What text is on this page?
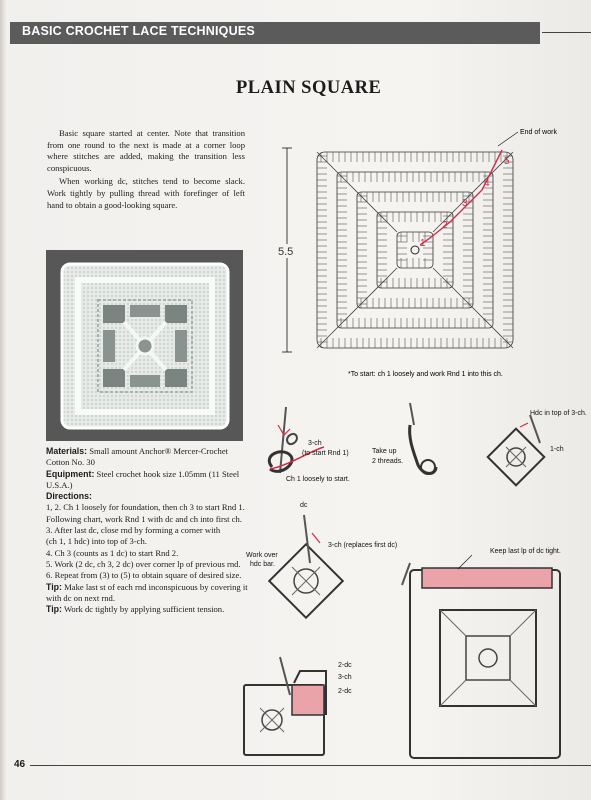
BASIC CROCHET LACE TECHNIQUES
PLAIN SQUARE

Basic square started at center. Note that transition from one round to the next is made at a corner loop where stitches are added, making the transition less conspicuous.

When working dc, stitches tend to become slack. Work tightly by pulling thread with forefinger of left hand to obtain a good-looking square.

Materials: Small amount Anchor® Mercer-Crochet Cotton No. 30

Equipment: Steel crochet hook size 1.05mm (11 Steel U.S.A.)

Directions:

1, 2. Ch 1 loosely for foundation, then ch 3 to start Rnd 1.

Following chart, work Rnd 1 with dc and ch into first ch.

3. After last dc, close rnd by forming a corner with

(ch 1, 1 hdc) into top of 3-ch.

4. Ch 3 (counts as 1 dc) to start Rnd 2.

5. Work (2 dc, ch 3, 2 dc) over corner lp of previous rnd.

6. Repeat from (3) to (5) to obtain square of desired size.

Tip: Make last st of each rnd inconspicuous by covering it with dc on next rnd.

Tip: Work dc tightly by applying sufficient tension.

End of work
5.5
1
2
3
4
5
*To start: ch 1 loosely and work Rnd 1 into this ch.
3-ch
(to start Rnd 1)
Ch 1 loosely to start.
Take up
2 threads.
Hdc in top of 3-ch.
1-ch
dc
3-ch (replaces first dc)
Work over
hdc bar.
2-dc
3-ch
2-dc
Keep last lp of dc tight.
46
